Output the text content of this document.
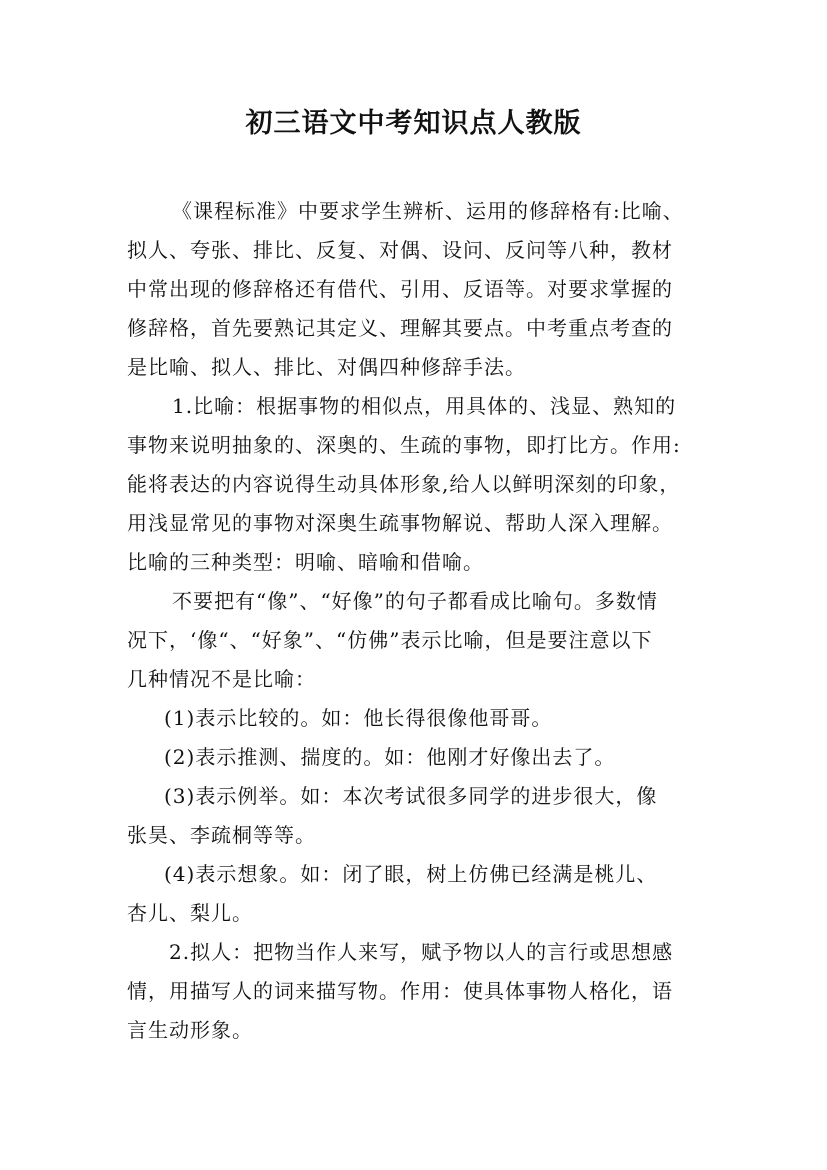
初三语文中考知识点人教版
《课程标准》中要求学生辨析、运用的修辞格有:比喻、
拟人、夸张、排比、反复、对偶、设问、反问等八种，教材
中常出现的修辞格还有借代、引用、反语等。对要求掌握的
修辞格，首先要熟记其定义、理解其要点。中考重点考查的
是比喻、拟人、排比、对偶四种修辞手法。
1.比喻：根据事物的相似点，用具体的、浅显、熟知的
事物来说明抽象的、深奥的、生疏的事物，即打比方。作用:
能将表达的内容说得生动具体形象,给人以鲜明深刻的印象，
用浅显常见的事物对深奥生疏事物解说、帮助人深入理解。
比喻的三种类型：明喻、暗喻和借喻。
不要把有“像”、“好像”的句子都看成比喻句。多数情
况下，‘像“、“好象”、“仿佛”表示比喻，但是要注意以下
几种情况不是比喻：
(1)表示比较的。如：他长得很像他哥哥。
(2)表示推测、揣度的。如：他刚才好像出去了。
(3)表示例举。如：本次考试很多同学的进步很大，像
张昊、李疏桐等等。
(4)表示想象。如：闭了眼，树上仿佛已经满是桃儿、
杏儿、梨儿。
2.拟人：把物当作人来写，赋予物以人的言行或思想感
情，用描写人的词来描写物。作用：使具体事物人格化，语
言生动形象。
